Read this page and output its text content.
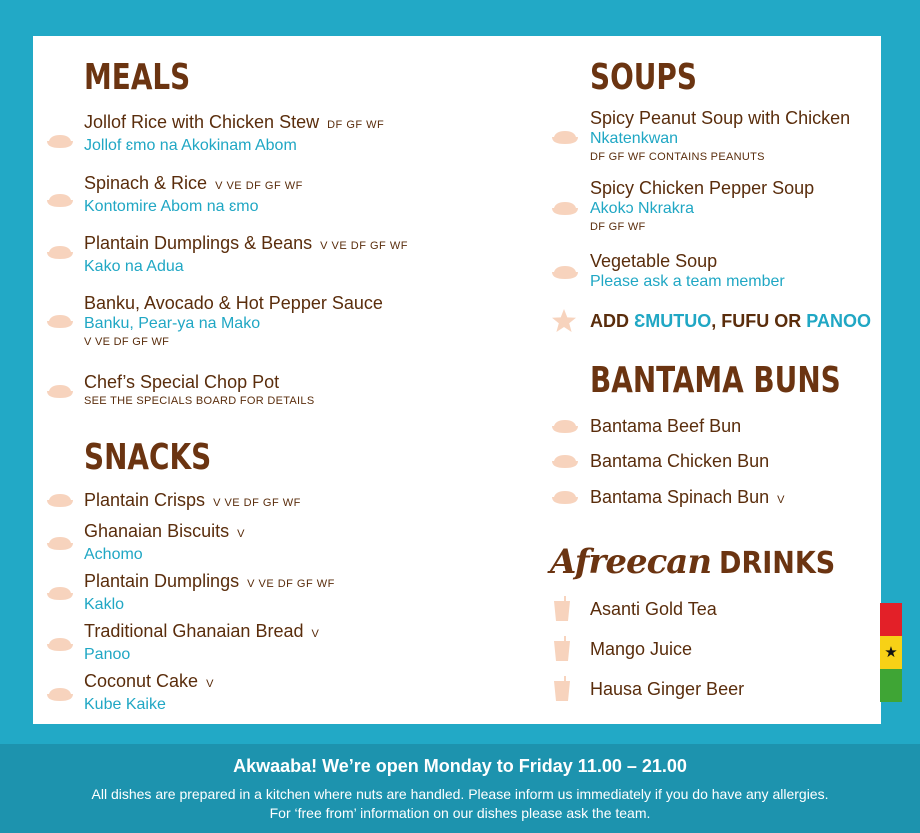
★
MEALS
Jollof Rice with Chicken Stew DF GF WF
Jollof ɛmo na Akokinam Abom
Spinach & Rice V VE DF GF WF
Kontomire Abom na ɛmo
Plantain Dumplings & Beans V VE DF GF WF
Kako na Adua
Banku, Avocado & Hot Pepper Sauce
Banku, Pear-ya na Mako
V VE DF GF WF
Chef’s Special Chop Pot
SEE THE SPECIALS BOARD FOR DETAILS
SNACKS
Plantain Crisps V VE DF GF WF
Ghanaian Biscuits V
Achomo
Plantain Dumplings V VE DF GF WF
Kaklo
Traditional Ghanaian Bread V
Panoo
Coconut Cake V
Kube Kaike
SOUPS
Spicy Peanut Soup with Chicken
Nkatenkwan
DF GF WF CONTAINS PEANUTS
Spicy Chicken Pepper Soup
Akokɔ Nkrakra
DF GF WF
Vegetable Soup
Please ask a team member
ADD ƐMUTUO, FUFU OR PANOO
BANTAMA BUNS
Bantama Beef Bun
Bantama Chicken Bun
Bantama Spinach Bun V
Afreecan DRINKS
Asanti Gold Tea
Mango Juice
Hausa Ginger Beer
Akwaaba! We’re open Monday to Friday 11.00 – 21.00
All dishes are prepared in a kitchen where nuts are handled. Please inform us immediately if you do have any allergies.
For ‘free from’ information on our dishes please ask the team.
